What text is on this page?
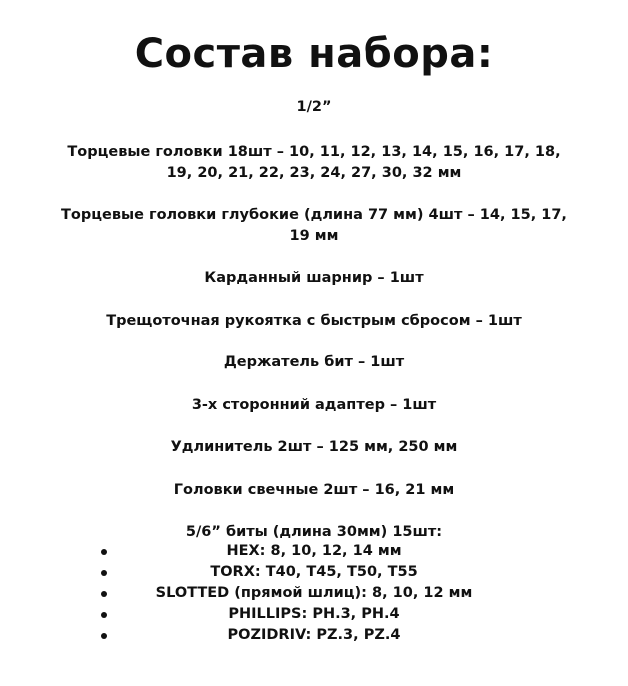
Состав набора:
1/2”
Торцевые головки 18шт – 10, 11, 12, 13, 14, 15, 16, 17, 18, 19, 20, 21, 22, 23, 24, 27, 30, 32 мм
Торцевые головки глубокие (длина 77 мм) 4шт – 14, 15, 17, 19 мм
Карданный шарнир – 1шт
Трещоточная рукоятка с быстрым сбросом – 1шт
Держатель бит – 1шт
3-х сторонний адаптер – 1шт
Удлинитель 2шт – 125 мм, 250 мм
Головки свечные 2шт – 16, 21 мм
5/6” биты (длина 30мм) 15шт:
HEX: 8, 10, 12, 14 мм
TORX: T40, T45, T50, T55
SLOTTED (прямой шлиц): 8, 10, 12 мм
PHILLIPS: PH.3, PH.4
POZIDRIV: PZ.3, PZ.4
